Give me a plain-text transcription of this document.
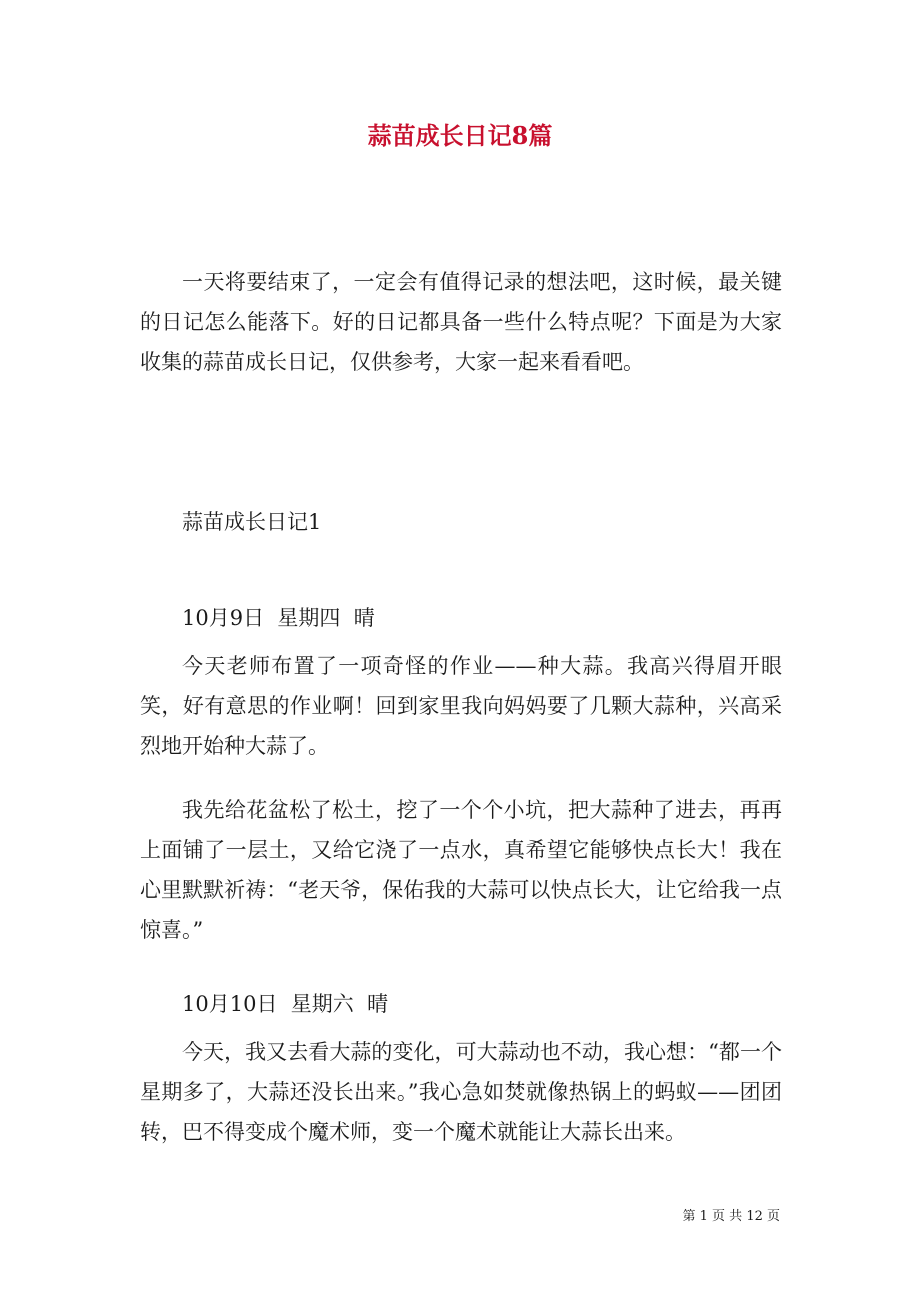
蒜苗成长日记8篇

一天将要结束了，一定会有值得记录的想法吧，这时候，最关键的日记怎么能落下。好的日记都具备一些什么特点呢？下面是为大家收集的蒜苗成长日记，仅供参考，大家一起来看看吧。

蒜苗成长日记1

10月9日  星期四  晴

今天老师布置了一项奇怪的作业——种大蒜。我高兴得眉开眼笑，好有意思的作业啊！回到家里我向妈妈要了几颗大蒜种，兴高采烈地开始种大蒜了。

我先给花盆松了松土，挖了一个个小坑，把大蒜种了进去，再再上面铺了一层土，又给它浇了一点水，真希望它能够快点长大！我在心里默默祈祷：“老天爷，保佑我的大蒜可以快点长大，让它给我一点惊喜。”

10月10日  星期六  晴

今天，我又去看大蒜的变化，可大蒜动也不动，我心想：“都一个星期多了，大蒜还没长出来。”我心急如焚就像热锅上的蚂蚁——团团转，巴不得变成个魔术师，变一个魔术就能让大蒜长出来。

第 1 页 共 12 页
